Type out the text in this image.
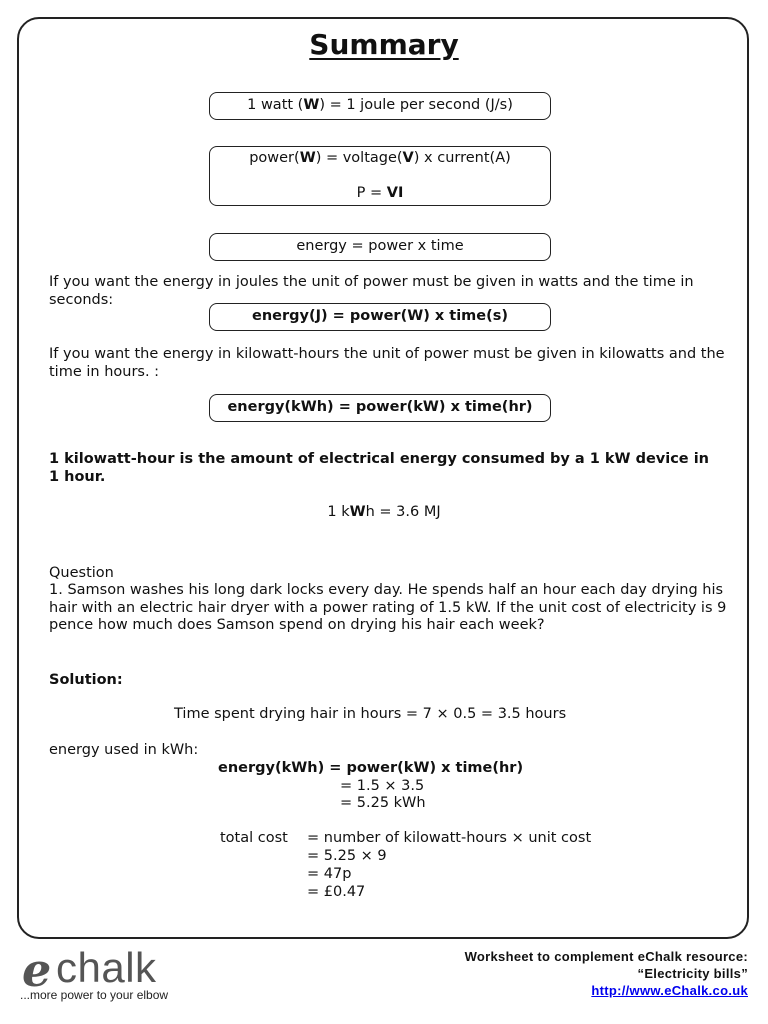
Summary
1 watt (W) = 1 joule per second (J/s)
power(W) = voltage(V) x current(A)
P = VI
energy = power x time
If you want the energy in joules the unit of power must be given in watts and the time in seconds:
energy(J) = power(W) x time(s)
If you want the energy in kilowatt-hours the unit of power must be given in kilowatts and the time in hours. :
energy(kWh) = power(kW) x time(hr)
1 kilowatt-hour is the amount of electrical energy consumed by a 1 kW device in 1 hour.
1 kWh = 3.6 MJ
Question
1. Samson washes his long dark locks every day. He spends half an hour each day drying his hair with an electric hair dryer with a power rating of 1.5 kW. If the unit cost of electricity is 9 pence how much does Samson spend on drying his hair each week?
Solution:
Time spent drying hair in hours = 7 × 0.5 = 3.5 hours
energy used in kWh:
energy(kWh) = power(kW) x time(hr)
= 1.5 × 3.5
= 5.25 kWh
total cost = number of kilowatt-hours × unit cost
= 5.25 × 9
= 47p
= £0.47
e chalk
...more power to your elbow
Worksheet to complement eChalk resource:
“Electricity bills”
http://www.eChalk.co.uk
